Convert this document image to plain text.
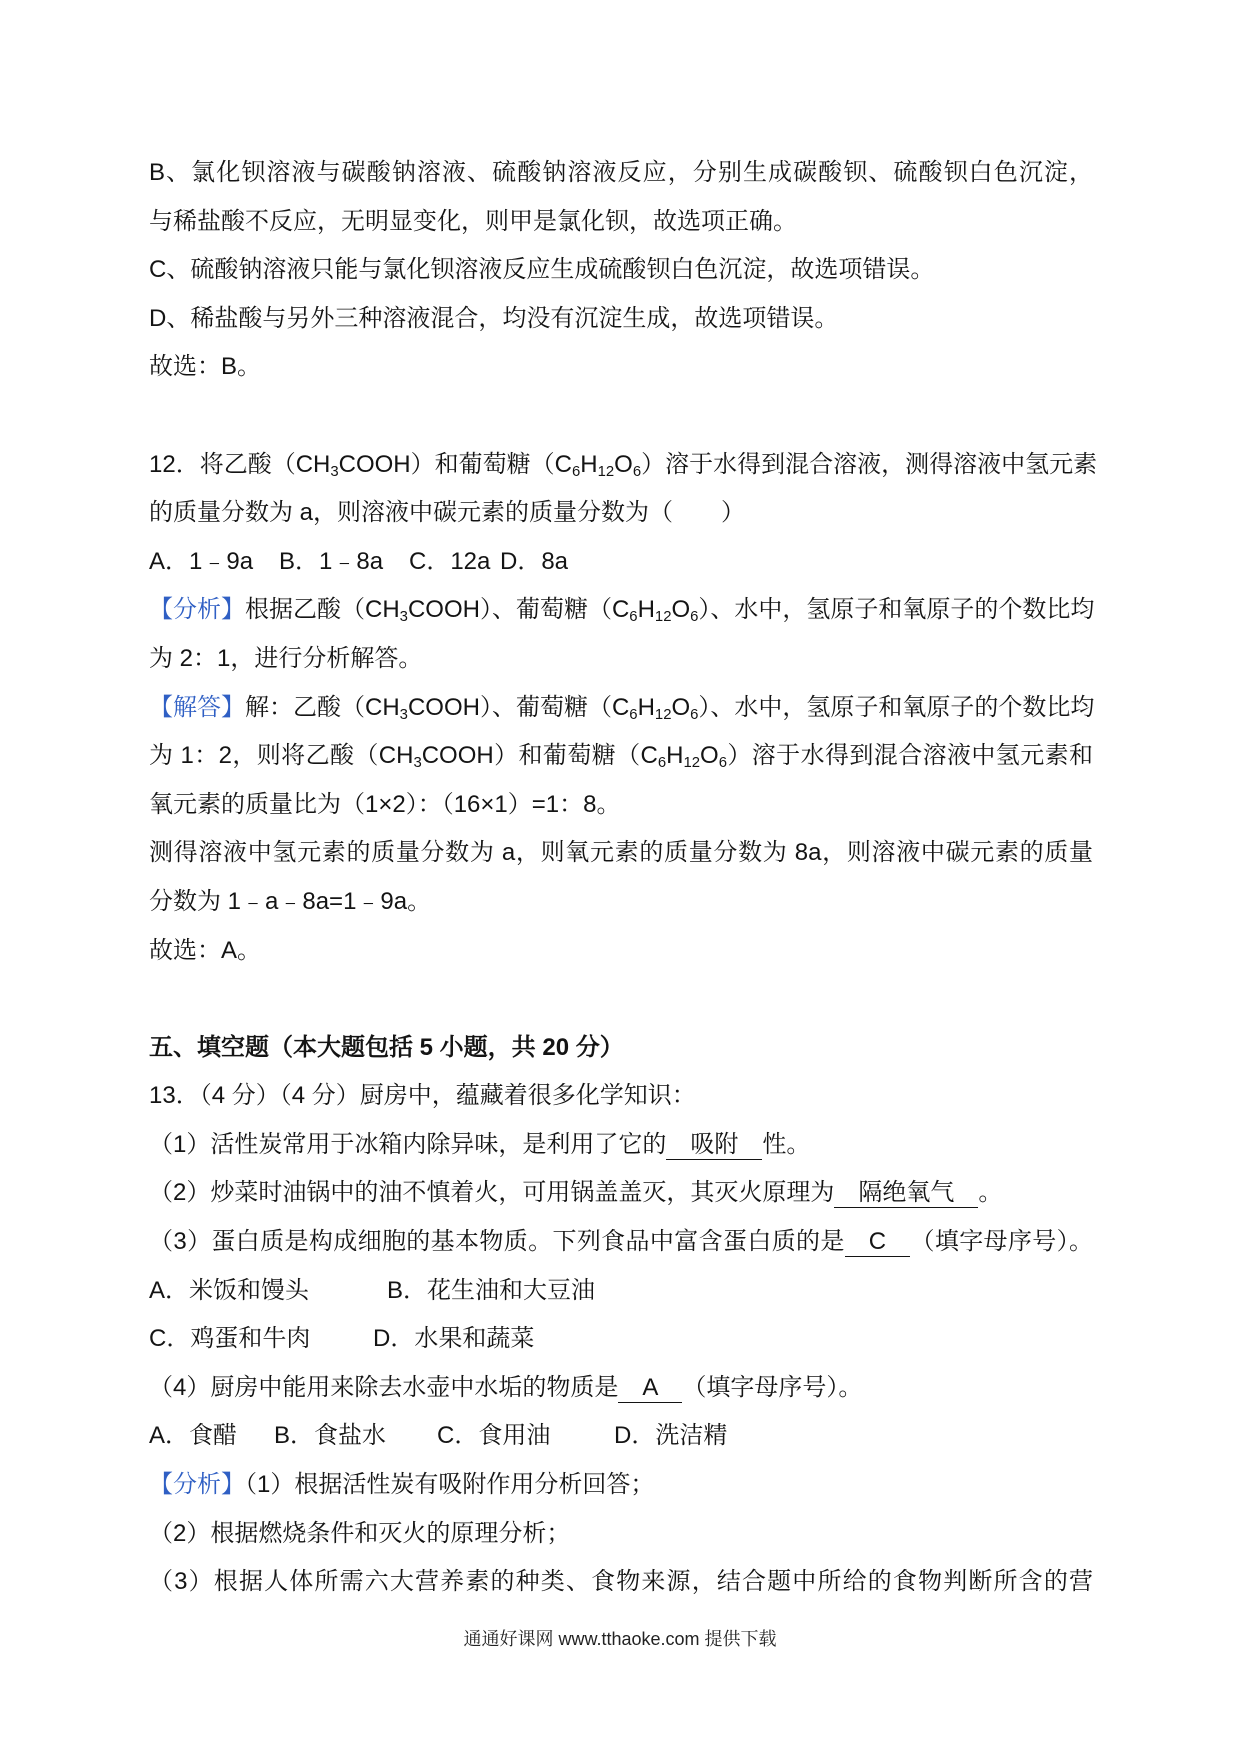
B、氯化钡溶液与碳酸钠溶液、硫酸钠溶液反应，分别生成碳酸钡、硫酸钡白色沉淀，
与稀盐酸不反应，无明显变化，则甲是氯化钡，故选项正确。
C、硫酸钠溶液只能与氯化钡溶液反应生成硫酸钡白色沉淀，故选项错误。
D、稀盐酸与另外三种溶液混合，均没有沉淀生成，故选项错误。
故选：B。
12．将乙酸$(CH_3COOH)$和葡萄糖$(C_6H_{12}O_6)$溶于水得到混合溶液，测得溶液中氢元素
的质量分数为 a，则溶液中碳元素的质量分数为（　　）
A．1﹣9a B．1﹣8a C．12a D．8a
【分析】根据乙酸$(CH_3COOH)$、葡萄糖$(C_6H_{12}O_6)$、水中，氢原子和氧原子的个数比均
为 2：1，进行分析解答。
【解答】解：乙酸$(CH_3COOH)$、葡萄糖$(C_6H_{12}O_6)$、水中，氢原子和氧原子的个数比均
为 1：2，则将乙酸$(CH_3COOH)$和葡萄糖$(C_6H_{12}O_6)$溶于水得到混合溶液中氢元素和
氧元素的质量比为（1×2）：（16×1）=1：8。
测得溶液中氢元素的质量分数为 a，则氧元素的质量分数为 8a，则溶液中碳元素的质量
分数为 1﹣a﹣8a=1﹣9a。
故选：A。
五、填空题（本大题包括 5 小题，共 20 分）
13．（4 分）（4 分）厨房中，蕴藏着很多化学知识：
（1）活性炭常用于冰箱内除异味，是利用了它的 吸附 性。
（2）炒菜时油锅中的油不慎着火，可用锅盖盖灭，其灭火原理为 隔绝氧气 。
（3）蛋白质是构成细胞的基本物质。下列食品中富含蛋白质的是 C （填字母序号）。
A．米饭和馒头	B．花生油和大豆油
C．鸡蛋和牛肉	D．水果和蔬菜
（4）厨房中能用来除去水壶中水垢的物质是 A （填字母序号）。
A．食醋 B．食盐水 C．食用油	D．洗洁精
【分析】（1）根据活性炭有吸附作用分析回答；
（2）根据燃烧条件和灭火的原理分析；
（3）根据人体所需六大营养素的种类、食物来源，结合题中所给的食物判断所含的营
通通好课网 www.tthaoke.com 提供下载
